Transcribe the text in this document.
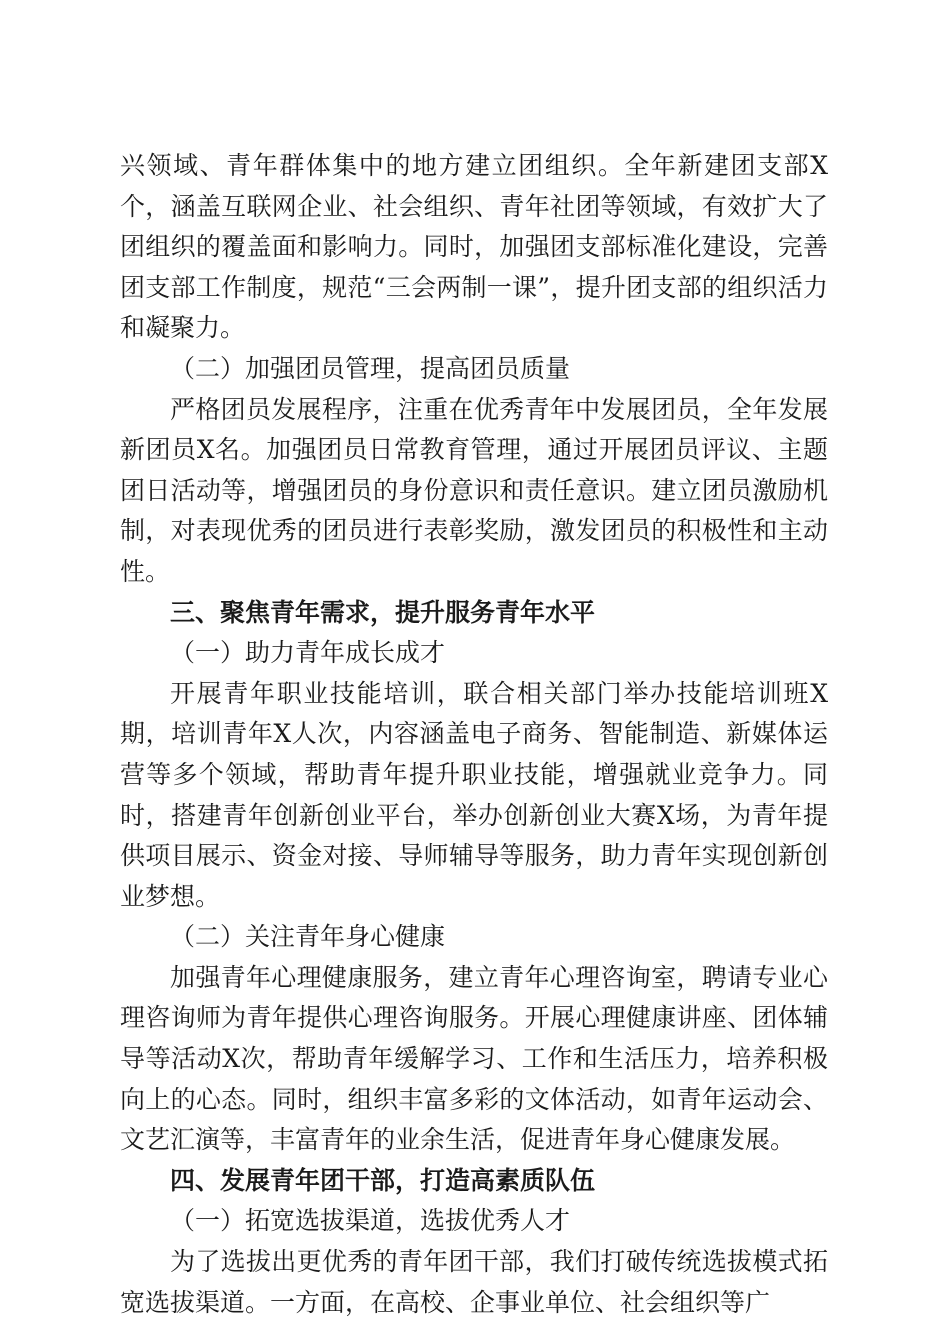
兴领域、青年群体集中的地方建立团组织。全年新建团支部X个，涵盖互联网企业、社会组织、青年社团等领域，有效扩大了团组织的覆盖面和影响力。同时，加强团支部标准化建设，完善团支部工作制度，规范“三会两制一课”，提升团支部的组织活力和凝聚力。

（二）加强团员管理，提高团员质量

严格团员发展程序，注重在优秀青年中发展团员，全年发展新团员X名。加强团员日常教育管理，通过开展团员评议、主题团日活动等，增强团员的身份意识和责任意识。建立团员激励机制，对表现优秀的团员进行表彰奖励，激发团员的积极性和主动性。

三、聚焦青年需求，提升服务青年水平

（一）助力青年成长成才

开展青年职业技能培训，联合相关部门举办技能培训班X期，培训青年X人次，内容涵盖电子商务、智能制造、新媒体运营等多个领域，帮助青年提升职业技能，增强就业竞争力。同时，搭建青年创新创业平台，举办创新创业大赛X场，为青年提供项目展示、资金对接、导师辅导等服务，助力青年实现创新创业梦想。

（二）关注青年身心健康

加强青年心理健康服务，建立青年心理咨询室，聘请专业心理咨询师为青年提供心理咨询服务。开展心理健康讲座、团体辅导等活动X次，帮助青年缓解学习、工作和生活压力，培养积极向上的心态。同时，组织丰富多彩的文体活动，如青年运动会、文艺汇演等，丰富青年的业余生活，促进青年身心健康发展。

四、发展青年团干部，打造高素质队伍

（一）拓宽选拔渠道，选拔优秀人才

为了选拔出更优秀的青年团干部，我们打破传统选拔模式拓宽选拔渠道。一方面，在高校、企事业单位、社会组织等广
